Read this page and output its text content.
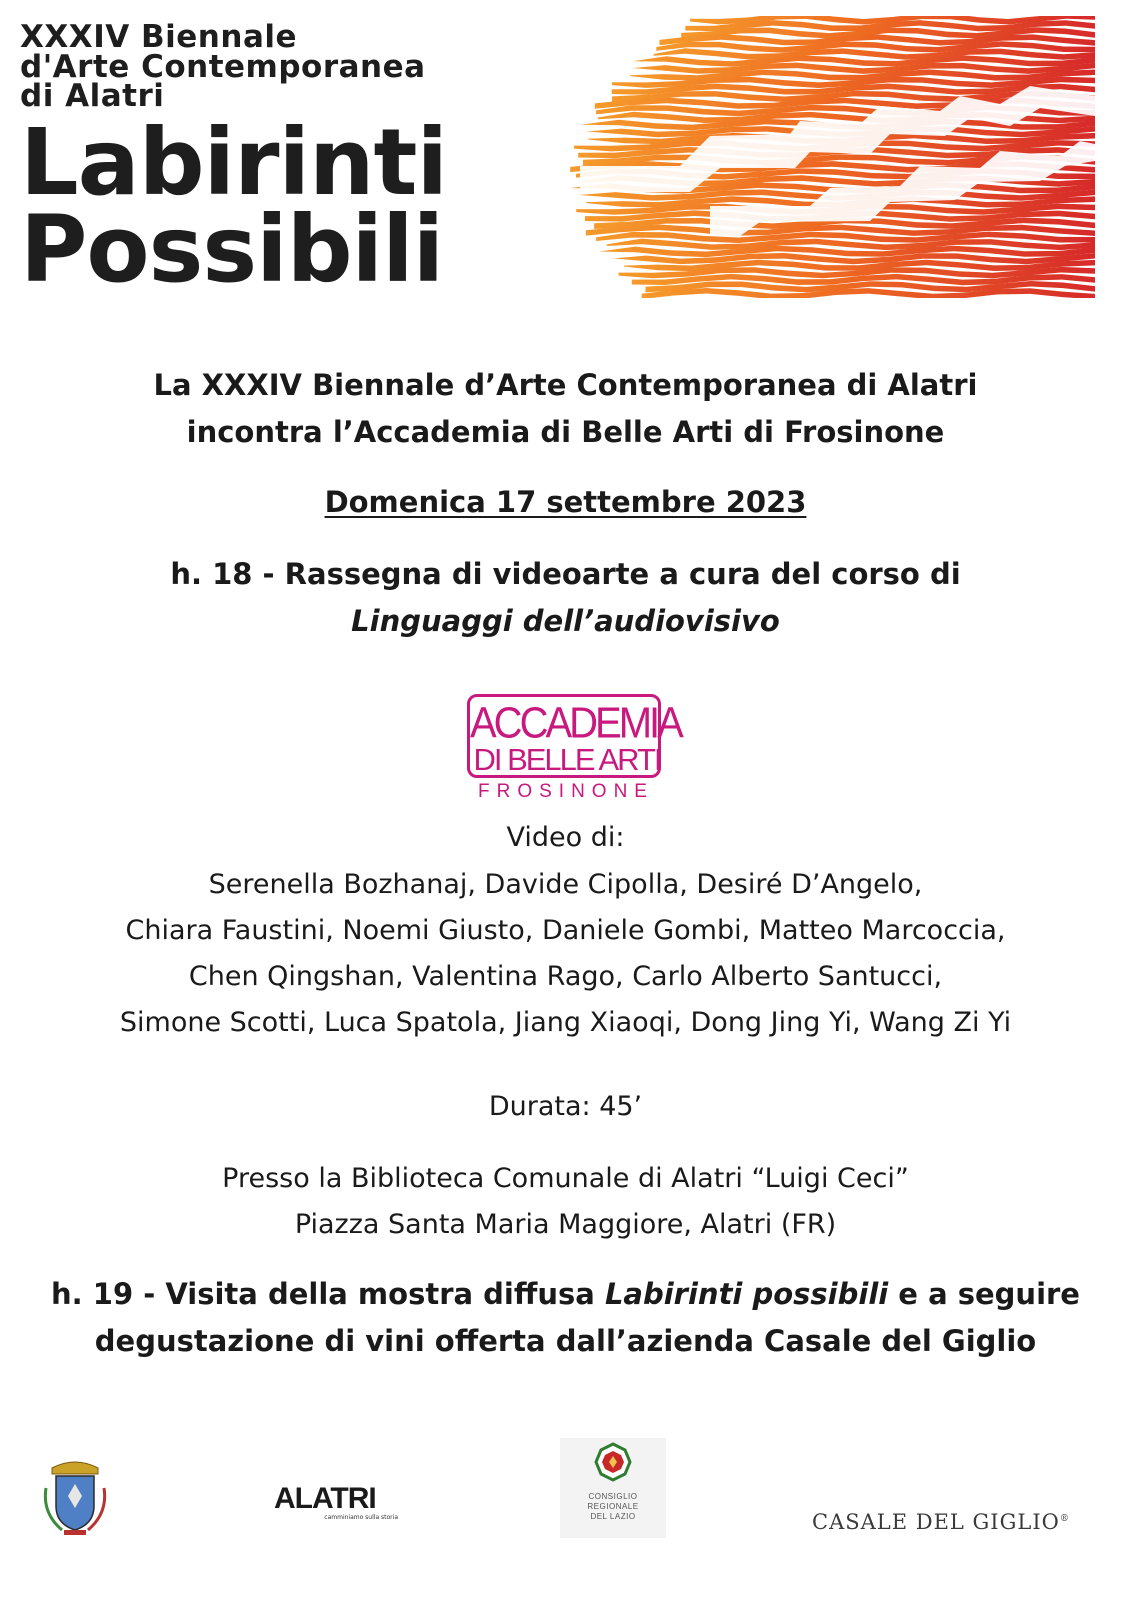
XXXIV Biennale

d'Arte Contemporanea

di Alatri

Labirinti

Possibili

La XXXIV Biennale d’Arte Contemporanea di Alatri

incontra l’Accademia di Belle Arti di Frosinone

Domenica 17 settembre 2023

h. 18 - Rassegna di videoarte a cura del corso di

Linguaggi dell’audiovisivo

ACCADEMIA
DI BELLE ARTI
FROSINONE

Video di:

Serenella Bozhanaj, Davide Cipolla, Desiré D’Angelo,

Chiara Faustini, Noemi Giusto, Daniele Gombi, Matteo Marcoccia,

Chen Qingshan, Valentina Rago, Carlo Alberto Santucci,

Simone Scotti, Luca Spatola, Jiang Xiaoqi, Dong Jing Yi, Wang Zi Yi

Durata: 45’

Presso la Biblioteca Comunale di Alatri “Luigi Ceci”

Piazza Santa Maria Maggiore, Alatri (FR)

h. 19 - Visita della mostra diffusa Labirinti possibili e a seguire

degustazione di vini offerta dall’azienda Casale del Giglio

ALATRI
camminiamo sulla storia
CONSIGLIO
REGIONALE
DEL LAZIO	CASALE DEL GIGLIO®
